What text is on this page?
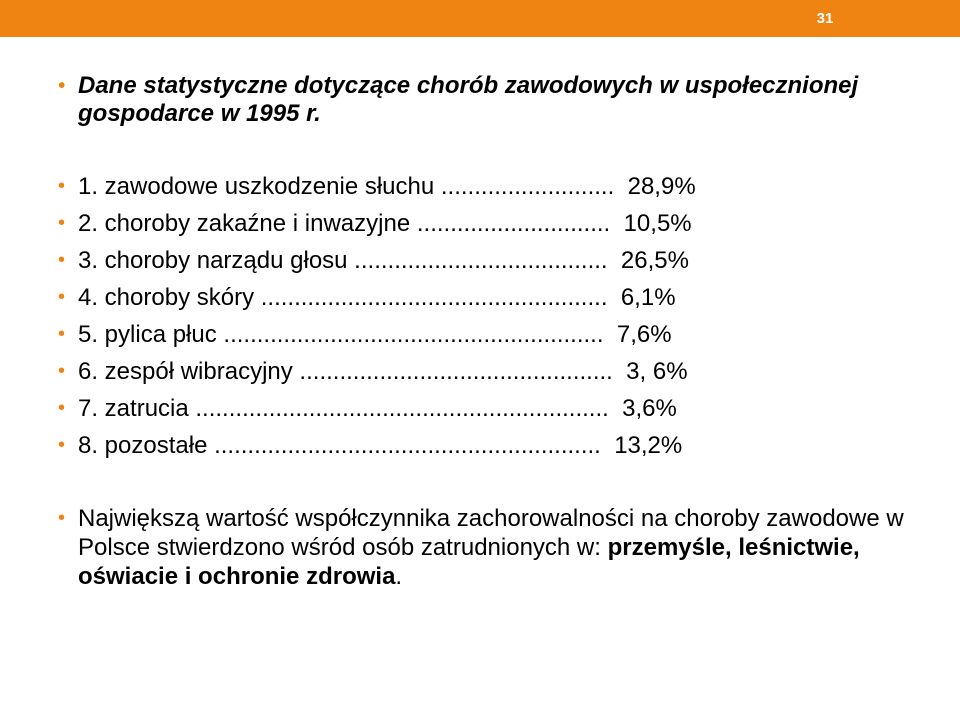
31
• Dane statystyczne dotyczące chorób zawodowych w uspołecznionej gospodarce w 1995 r.
• 1. zawodowe uszkodzenie słuchu .......................... 28,9%
• 2. choroby zakaźne i inwazyjne ............................. 10,5%
• 3. choroby narządu głosu ...................................... 26,5%
• 4. choroby skóry .................................................... 6,1%
• 5. pylica płuc ......................................................... 7,6%
• 6. zespół wibracyjny ............................................... 3, 6%
• 7. zatrucia .............................................................. 3,6%
• 8. pozostałe .......................................................... 13,2%
• Największą wartość współczynnika zachorowalności na choroby zawodowe w Polsce stwierdzono wśród osób zatrudnionych w: przemyśle, leśnictwie, oświacie i ochronie zdrowia.
